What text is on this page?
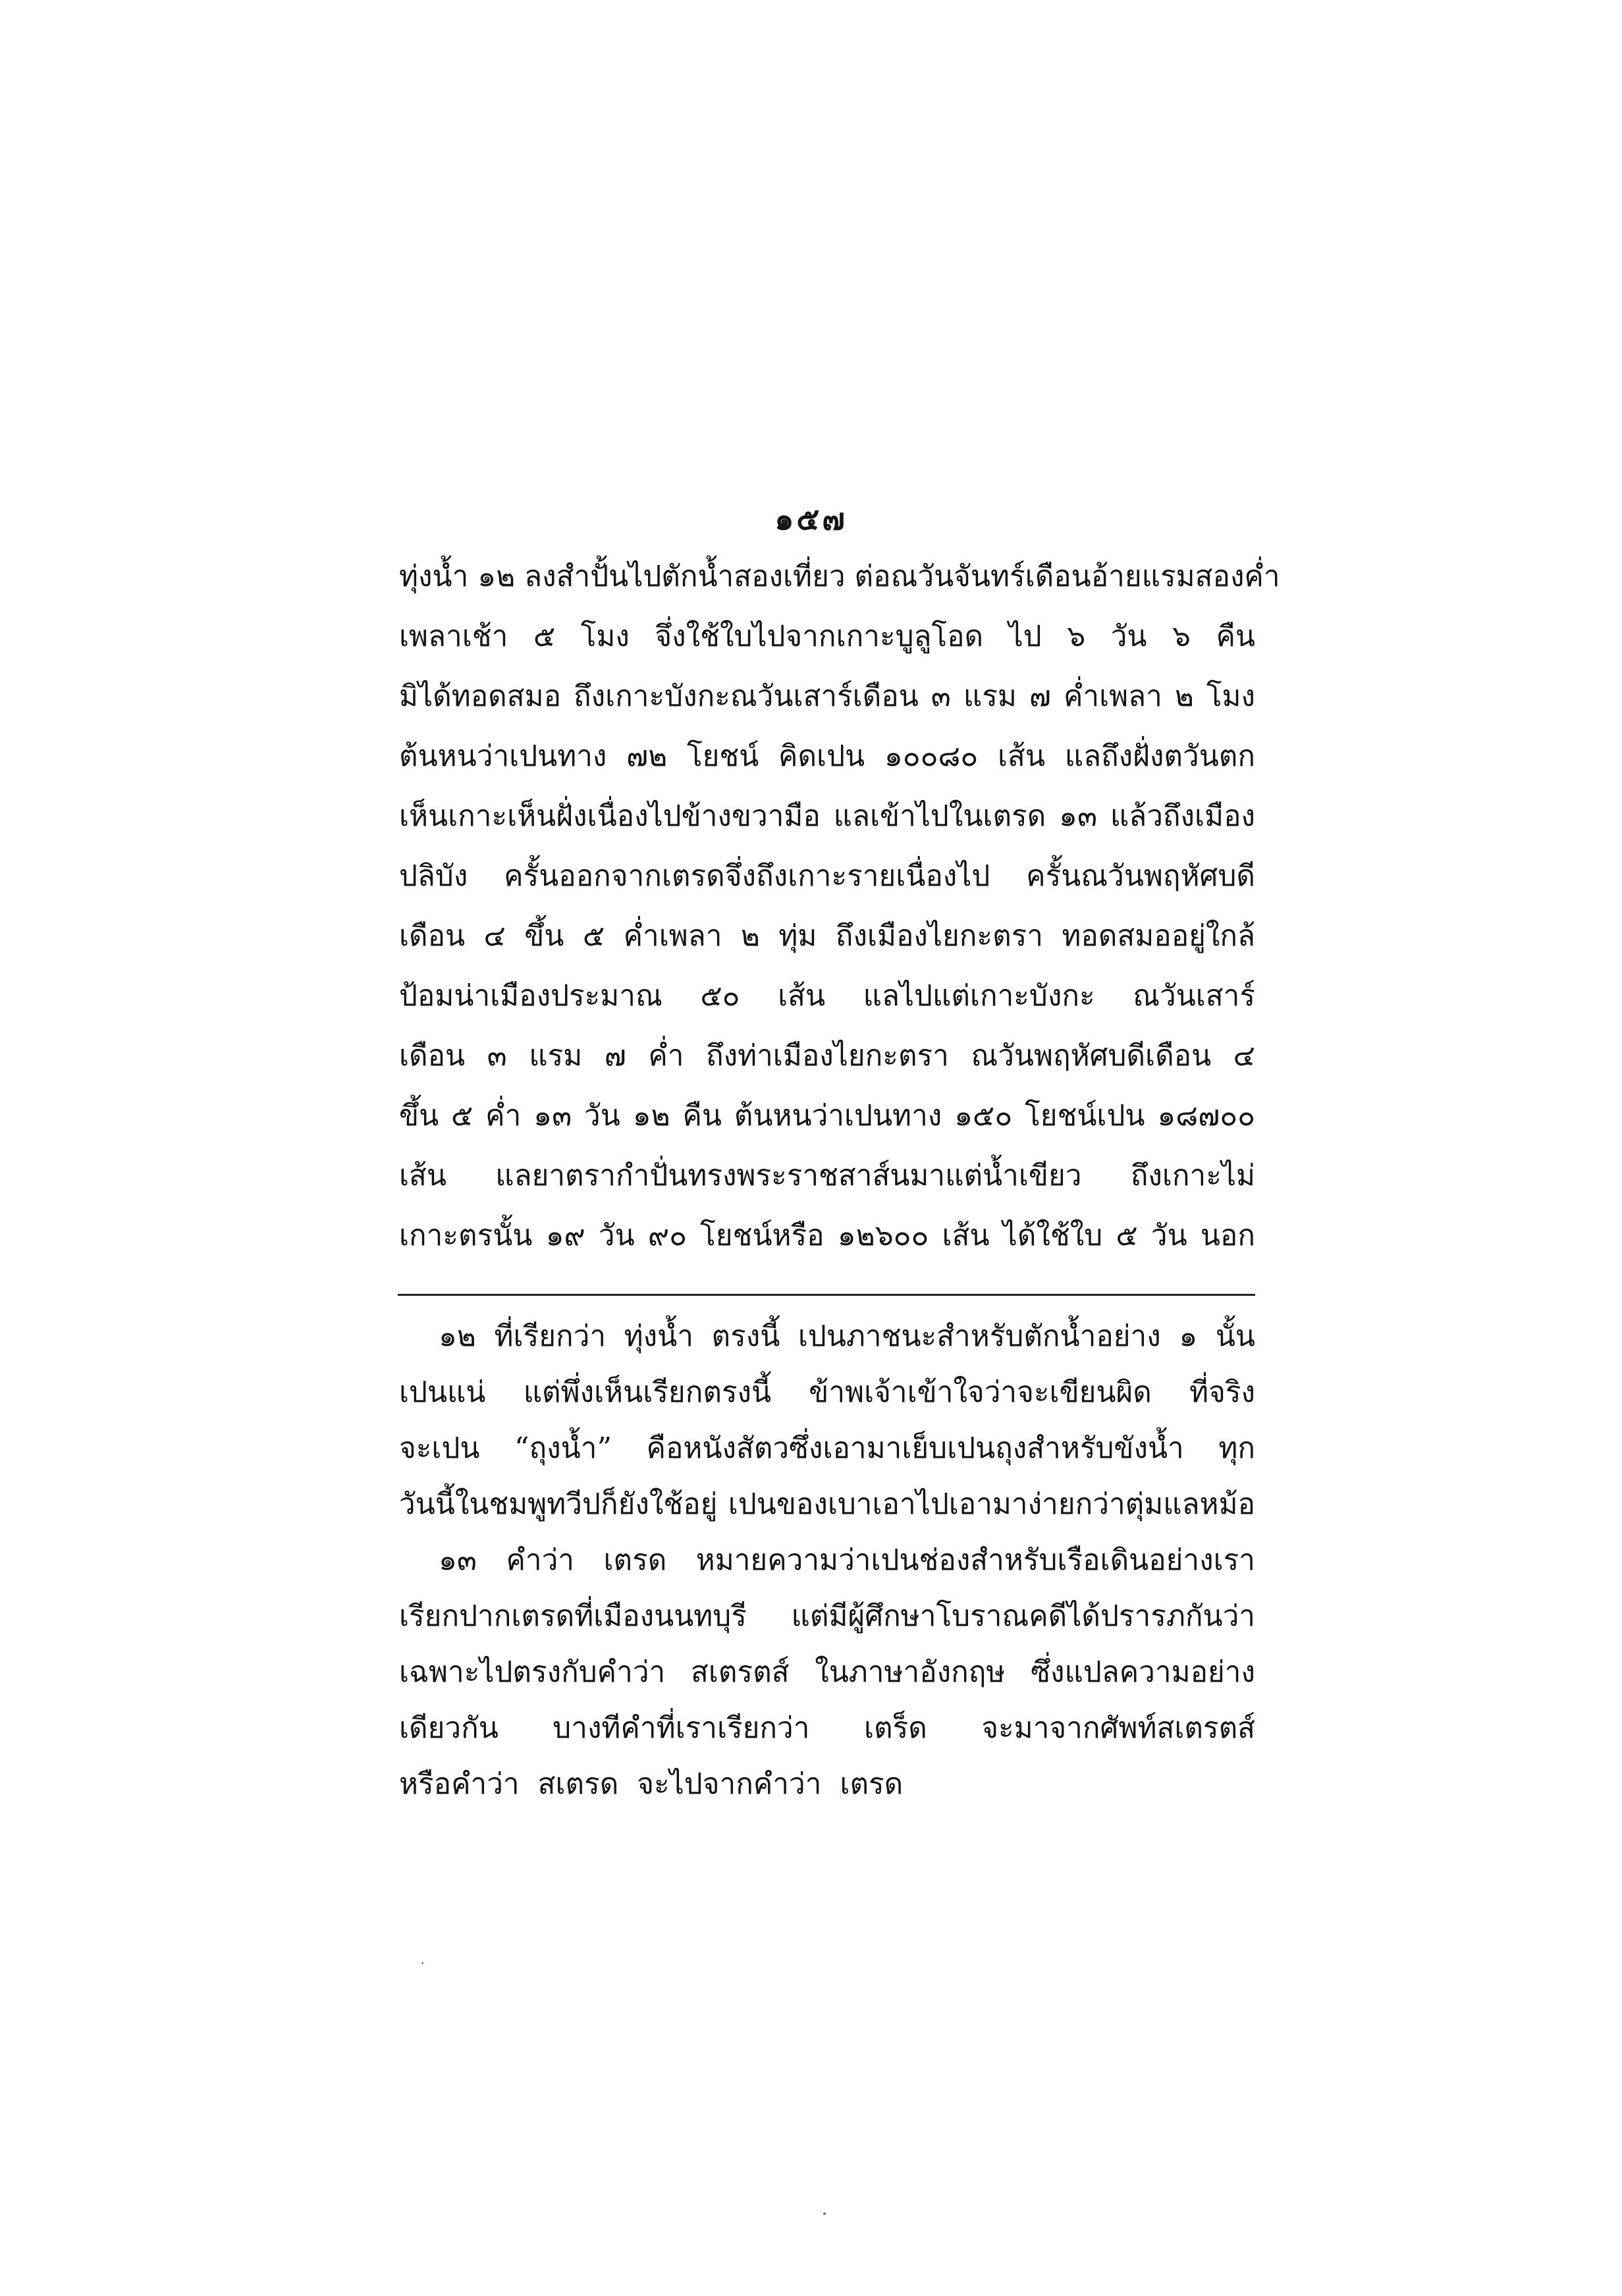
๑๕๗
ทุ่งน้ำ ๑๒ ลงสำปั้นไปตักน้ำสองเที่ยว ต่อณวันจันทร์เดือนอ้ายแรมสองค่ำ
เพลาเช้า ๕ โมง จึ่งใช้ใบไปจากเกาะบูลูโอด ไป ๖ วัน ๖ คืน
มิได้ทอดสมอ ถึงเกาะบังกะณวันเสาร์เดือน ๓ แรม ๗ ค่ำเพลา ๒ โมง
ต้นหนว่าเปนทาง ๗๒ โยชน์ คิดเปน ๑๐๐๘๐ เส้น แลถึงฝั่งตวันตก
เห็นเกาะเห็นฝั่งเนื่องไปข้างขวามือ แลเข้าไปในเตรด ๑๓ แล้วถึงเมือง
ปลิบัง ครั้นออกจากเตรดจึ่งถึงเกาะรายเนื่องไป ครั้นณวันพฤหัศบดี
เดือน ๔ ขึ้น ๕ ค่ำเพลา ๒ ทุ่ม ถึงเมืองไยกะตรา ทอดสมออยู่ใกล้
ป้อมน่าเมืองประมาณ ๕๐ เส้น แลไปแต่เกาะบังกะ ณวันเสาร์
เดือน ๓ แรม ๗ ค่ำ ถึงท่าเมืองไยกะตรา ณวันพฤหัศบดีเดือน ๔
ขึ้น ๕ ค่ำ ๑๓ วัน ๑๒ คืน ต้นหนว่าเปนทาง ๑๕๐ โยชน์เปน ๑๘๗๐๐
เส้น แลยาตรากำปั่นทรงพระราชสาส์นมาแต่น้ำเขียว ถึงเกาะไม่
เกาะตรนั้น ๑๙ วัน ๙๐ โยชน์หรือ ๑๒๖๐๐ เส้น ได้ใช้ใบ ๕ วัน นอก
๑๒ ที่เรียกว่า ทุ่งน้ำ ตรงนี้ เปนภาชนะสำหรับตักน้ำอย่าง ๑ นั้น
เปนแน่ แต่พึ่งเห็นเรียกตรงนี้ ข้าพเจ้าเข้าใจว่าจะเขียนผิด ที่จริง
จะเปน “ถุงน้ำ” คือหนังสัตวซึ่งเอามาเย็บเปนถุงสำหรับขังน้ำ ทุก
วันนี้ในชมพูทวีปก็ยังใช้อยู่ เปนของเบาเอาไปเอามาง่ายกว่าตุ่มแลหม้อ
๑๓ คำว่า เตรด หมายความว่าเปนช่องสำหรับเรือเดินอย่างเรา
เรียกปากเตรดที่เมืองนนทบุรี แต่มีผู้ศึกษาโบราณคดีได้ปรารภกันว่า
เฉพาะไปตรงกับคำว่า สเตรตส์ ในภาษาอังกฤษ ซึ่งแปลความอย่าง
เดียวกัน บางทีคำที่เราเรียกว่า เตร็ด จะมาจากศัพท์สเตรตส์
หรือคำว่า สเตรด จะไปจากคำว่า เตรด
